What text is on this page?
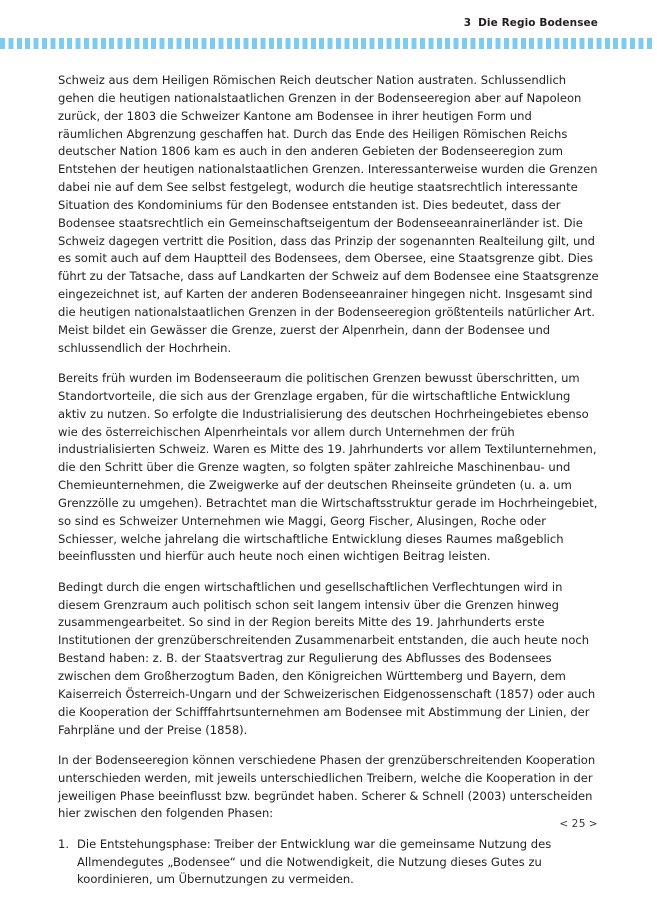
3 Die Regio Bodensee

Schweiz aus dem Heiligen Römischen Reich deutscher Nation austraten. Schlussendlich gehen die heutigen nationalstaatlichen Grenzen in der Bodenseeregion aber auf Napoleon zurück, der 1803 die Schweizer Kantone am Bodensee in ihrer heutigen Form und räumlichen Abgrenzung geschaffen hat. Durch das Ende des Heiligen Römischen Reichs deutscher Nation 1806 kam es auch in den anderen Gebieten der Bodenseeregion zum Entstehen der heutigen nationalstaatlichen Grenzen. Interessanterweise wurden die Grenzen dabei nie auf dem See selbst festgelegt, wodurch die heutige staatsrechtlich interessante Situation des Kondominiums für den Bodensee entstanden ist. Dies bedeutet, dass der Bodensee staatsrechtlich ein Gemeinschaftseigentum der Bodenseeanrainerländer ist. Die Schweiz dagegen vertritt die Position, dass das Prinzip der sogenannten Realteilung gilt, und es somit auch auf dem Hauptteil des Bodensees, dem Obersee, eine Staatsgrenze gibt. Dies führt zu der Tatsache, dass auf Landkarten der Schweiz auf dem Bodensee eine Staatsgrenze eingezeichnet ist, auf Karten der anderen Bodenseeanrainer hingegen nicht. Insgesamt sind die heutigen nationalstaatlichen Grenzen in der Bodenseeregion größtenteils natürlicher Art. Meist bildet ein Gewässer die Grenze, zuerst der Alpenrhein, dann der Bodensee und schlussendlich der Hochrhein.

Bereits früh wurden im Bodenseeraum die politischen Grenzen bewusst überschritten, um Standortvorteile, die sich aus der Grenzlage ergaben, für die wirtschaftliche Entwicklung aktiv zu nutzen. So erfolgte die Industrialisierung des deutschen Hochrheingebietes ebenso wie des österreichischen Alpenrheintals vor allem durch Unternehmen der früh industrialisierten Schweiz. Waren es Mitte des 19. Jahrhunderts vor allem Textilunternehmen, die den Schritt über die Grenze wagten, so folgten später zahlreiche Maschinenbau- und Chemieunternehmen, die Zweigwerke auf der deutschen Rheinseite gründeten (u. a. um Grenzzölle zu umgehen). Betrachtet man die Wirtschaftsstruktur gerade im Hochrheingebiet, so sind es Schweizer Unternehmen wie Maggi, Georg Fischer, Alusingen, Roche oder Schiesser, welche jahrelang die wirtschaftliche Entwicklung dieses Raumes maßgeblich beeinflussten und hierfür auch heute noch einen wichtigen Beitrag leisten.

Bedingt durch die engen wirtschaftlichen und gesellschaftlichen Verflechtungen wird in diesem Grenzraum auch politisch schon seit langem intensiv über die Grenzen hinweg zusammengearbeitet. So sind in der Region bereits Mitte des 19. Jahrhunderts erste Institutionen der grenzüberschreitenden Zusammenarbeit entstanden, die auch heute noch Bestand haben: z. B. der Staatsvertrag zur Regulierung des Abflusses des Bodensees zwischen dem Großherzogtum Baden, den Königreichen Württemberg und Bayern, dem Kaiserreich Österreich-Ungarn und der Schweizerischen Eidgenossenschaft (1857) oder auch die Kooperation der Schifffahrtsunternehmen am Bodensee mit Abstimmung der Linien, der Fahrpläne und der Preise (1858).

In der Bodenseeregion können verschiedene Phasen der grenzüberschreitenden Kooperation unterschieden werden, mit jeweils unterschiedlichen Treibern, welche die Kooperation in der jeweiligen Phase beeinflusst bzw. begründet haben. Scherer & Schnell (2003) unterscheiden hier zwischen den folgenden Phasen:

1. Die Entstehungsphase: Treiber der Entwicklung war die gemeinsame Nutzung des Allmendegutes „Bodensee“ und die Notwendigkeit, die Nutzung dieses Gutes zu koordinieren, um Übernutzungen zu vermeiden.
< 25 >
